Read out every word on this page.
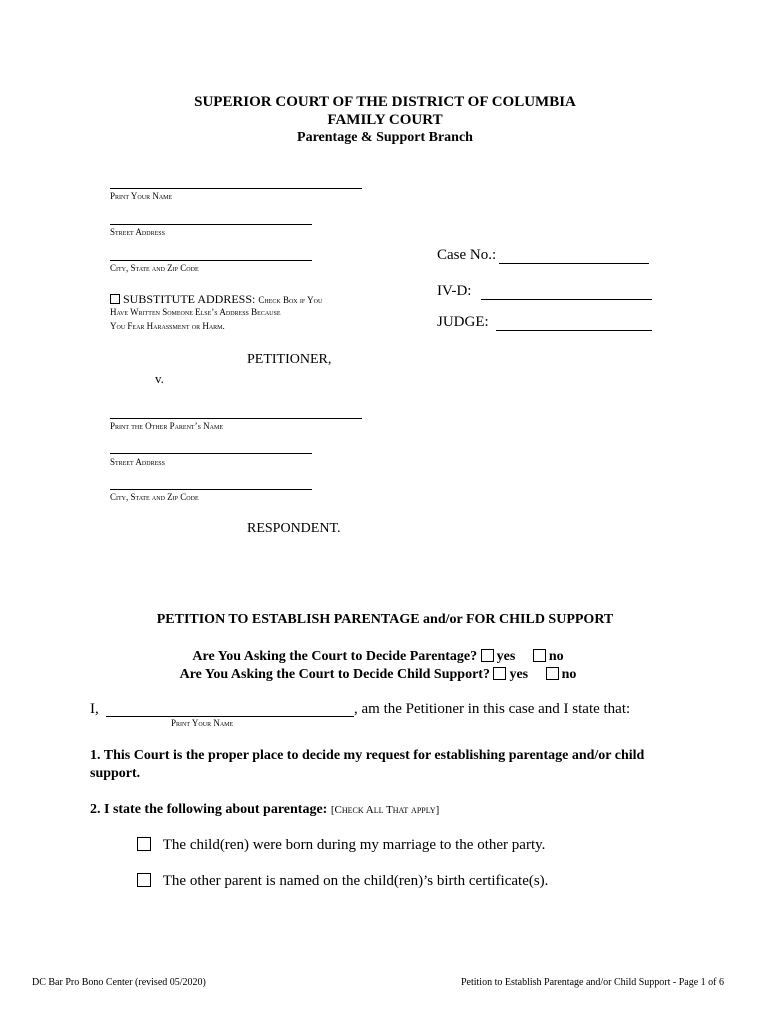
SUPERIOR COURT OF THE DISTRICT OF COLUMBIA
FAMILY COURT
Parentage & Support Branch
Print Your Name
Street Address
City, State and Zip Code
SUBSTITUTE ADDRESS: Check Box if You
Have Written Someone Else’s Address Because
You Fear Harassment or Harm.
PETITIONER,
v.
Case No.:
IV-D:
JUDGE:
Print the Other Parent’s Name
Street Address
City, State and Zip Code
RESPONDENT.
PETITION TO ESTABLISH PARENTAGE and/or FOR CHILD SUPPORT
Are You Asking the Court to Decide Parentage? yes no
Are You Asking the Court to Decide Child Support? yes no
I,	, am the Petitioner in this case and I state that:
Print Your Name
1. This Court is the proper place to decide my request for establishing parentage and/or child
support.
2. I state the following about parentage: [Check All That apply]
The child(ren) were born during my marriage to the other party.
The other parent is named on the child(ren)’s birth certificate(s).
DC Bar Pro Bono Center (revised 05/2020)	Petition to Establish Parentage and/or Child Support - Page 1 of 6
